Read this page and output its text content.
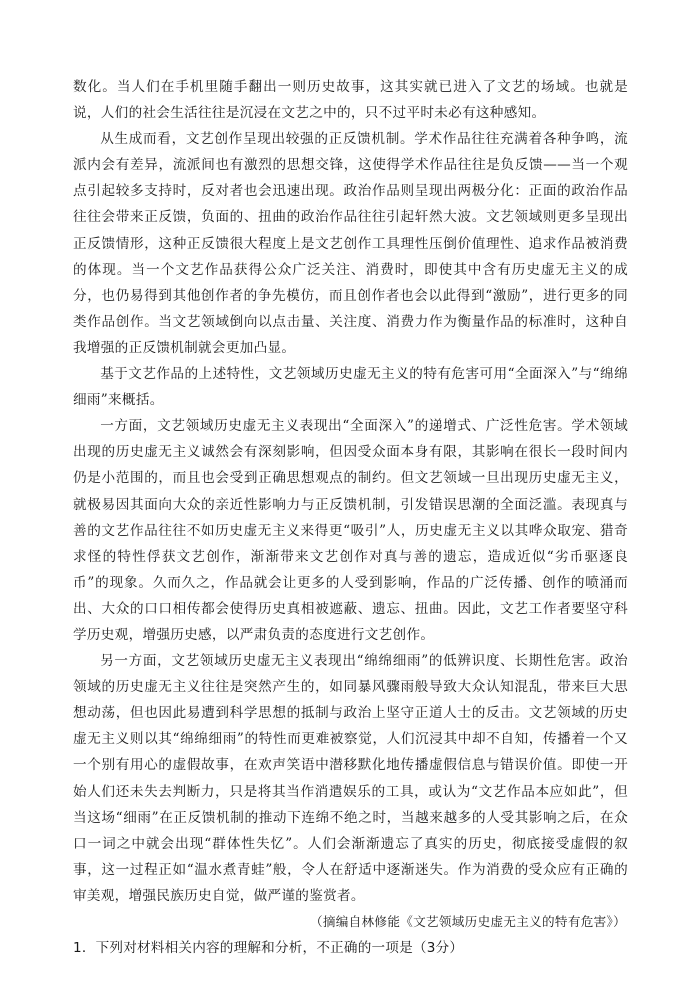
数化。当人们在手机里随手翻出一则历史故事，这其实就已进入了文艺的场域。也就是说，人们的社会生活往往是沉浸在文艺之中的，只不过平时未必有这种感知。

从生成而看，文艺创作呈现出较强的正反馈机制。学术作品往往充满着各种争鸣，流派内会有差异，流派间也有激烈的思想交锋，这使得学术作品往往是负反馈——当一个观点引起较多支持时，反对者也会迅速出现。政治作品则呈现出两极分化：正面的政治作品往往会带来正反馈，负面的、扭曲的政治作品往往引起轩然大波。文艺领域则更多呈现出正反馈情形，这种正反馈很大程度上是文艺创作工具理性压倒价值理性、追求作品被消费的体现。当一个文艺作品获得公众广泛关注、消费时，即使其中含有历史虚无主义的成分，也仍易得到其他创作者的争先模仿，而且创作者也会以此得到“激励”，进行更多的同类作品创作。当文艺领域倒向以点击量、关注度、消费力作为衡量作品的标准时，这种自我增强的正反馈机制就会更加凸显。

基于文艺作品的上述特性，文艺领域历史虚无主义的特有危害可用“全面深入”与“绵绵细雨”来概括。

一方面，文艺领域历史虚无主义表现出“全面深入”的递增式、广泛性危害。学术领域出现的历史虚无主义诚然会有深刻影响，但因受众面本身有限，其影响在很长一段时间内仍是小范围的，而且也会受到正确思想观点的制约。但文艺领域一旦出现历史虚无主义，就极易因其面向大众的亲近性影响力与正反馈机制，引发错误思潮的全面泛滥。表现真与善的文艺作品往往不如历史虚无主义来得更“吸引”人，历史虚无主义以其哗众取宠、猎奇求怪的特性俘获文艺创作，渐渐带来文艺创作对真与善的遗忘，造成近似“劣币驱逐良币”的现象。久而久之，作品就会让更多的人受到影响，作品的广泛传播、创作的喷涌而出、大众的口口相传都会使得历史真相被遮蔽、遗忘、扭曲。因此，文艺工作者要坚守科学历史观，增强历史感，以严肃负责的态度进行文艺创作。

另一方面，文艺领域历史虚无主义表现出“绵绵细雨”的低辨识度、长期性危害。政治领域的历史虚无主义往往是突然产生的，如同暴风骤雨般导致大众认知混乱，带来巨大思想动荡，但也因此易遭到科学思想的抵制与政治上坚守正道人士的反击。文艺领域的历史虚无主义则以其“绵绵细雨”的特性而更难被察觉，人们沉浸其中却不自知，传播着一个又一个别有用心的虚假故事，在欢声笑语中潜移默化地传播虚假信息与错误价值。即使一开始人们还未失去判断力，只是将其当作消遣娱乐的工具，或认为“文艺作品本应如此”，但当这场“细雨”在正反馈机制的推动下连绵不绝之时，当越来越多的人受其影响之后，在众口一词之中就会出现“群体性失忆”。人们会渐渐遗忘了真实的历史，彻底接受虚假的叙事，这一过程正如“温水煮青蛙”般，令人在舒适中逐渐迷失。作为消费的受众应有正确的审美观，增强民族历史自觉，做严谨的鉴赏者。

（摘编自林修能《文艺领域历史虚无主义的特有危害》）

1．下列对材料相关内容的理解和分析，不正确的一项是（3分）
